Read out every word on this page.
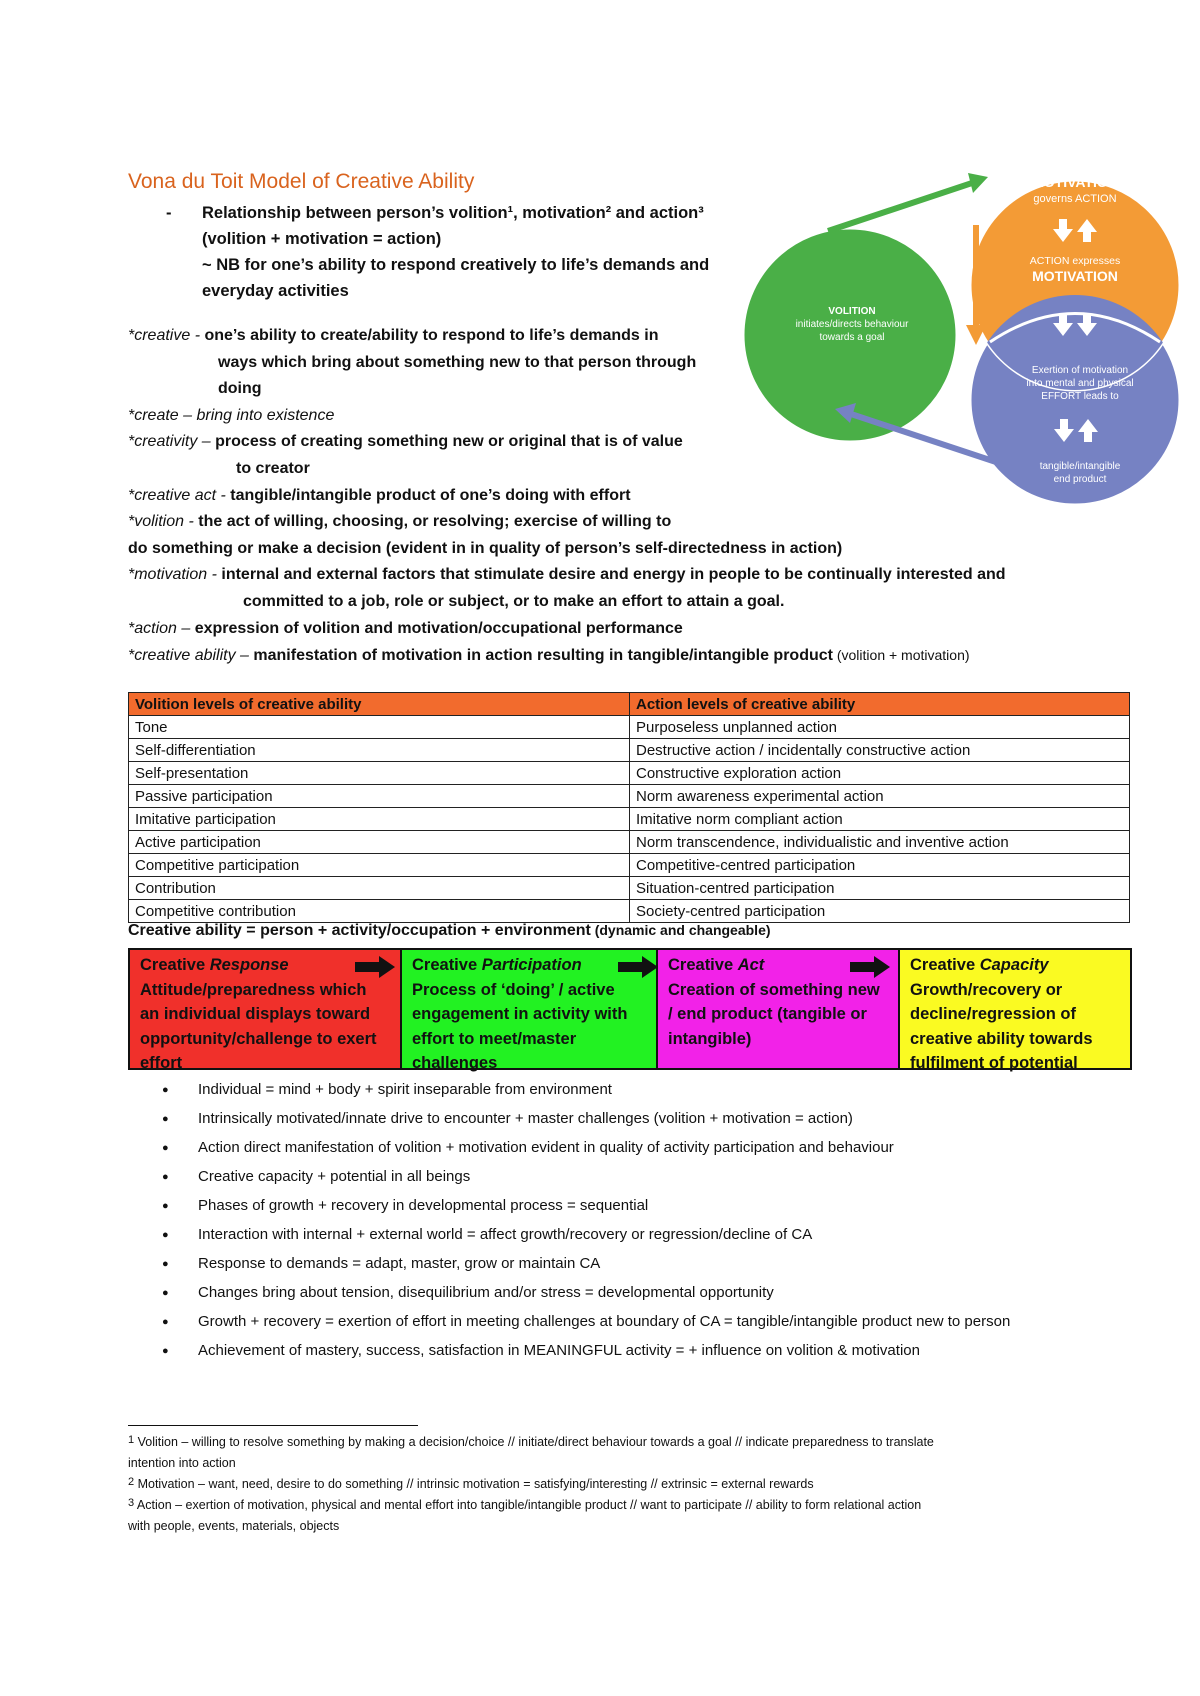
Vona du Toit Model of Creative Ability
- Relationship between person’s volition¹, motivation² and action³
(volition + motivation = action)
~ NB for one’s ability to respond creatively to life’s demands and
everyday activities
*creative - one’s ability to create/ability to respond to life’s demands in
ways which bring about something new to that person through
doing
*create – bring into existence
*creativity – process of creating something new or original that is of value
to creator
*creative act - tangible/intangible product of one’s doing with effort
*volition - the act of willing, choosing, or resolving; exercise of willing to
do something or make a decision (evident in in quality of person’s self-directedness in action)
*motivation - internal and external factors that stimulate desire and energy in people to be continually interested and
committed to a job, role or subject, or to make an effort to attain a goal.
*action – expression of volition and motivation/occupational performance
*creative ability – manifestation of motivation in action resulting in tangible/intangible product (volition + motivation)
MOTIVATION
governs ACTION
ACTION expresses
MOTIVATION
VOLITION
initiates/directs behaviour
towards a goal
Exertion of motivation
into mental and physical
EFFORT leads to
tangible/intangible
end product
Volition levels of creative ability	Action levels of creative ability
Tone	Purposeless unplanned action
Self-differentiation	Destructive action / incidentally constructive action
Self-presentation	Constructive exploration action
Passive participation	Norm awareness experimental action
Imitative participation	Imitative norm compliant action
Active participation	Norm transcendence, individualistic and inventive action
Competitive participation	Competitive-centred participation
Contribution	Situation-centred participation
Competitive contribution	Society-centred participation
Creative ability = person + activity/occupation + environment (dynamic and changeable)
Creative Response
Attitude/preparedness which an individual displays toward opportunity/challenge to exert effort
Creative Participation
Process of ‘doing’ / active engagement in activity with effort to meet/master challenges
Creative Act
Creation of something new / end product (tangible or intangible)
Creative Capacity
Growth/recovery or decline/regression of creative ability towards fulfilment of potential
● Individual = mind + body + spirit inseparable from environment
● Intrinsically motivated/innate drive to encounter + master challenges (volition + motivation = action)
● Action direct manifestation of volition + motivation evident in quality of activity participation and behaviour
● Creative capacity + potential in all beings
● Phases of growth + recovery in developmental process = sequential
● Interaction with internal + external world = affect growth/recovery or regression/decline of CA
● Response to demands = adapt, master, grow or maintain CA
● Changes bring about tension, disequilibrium and/or stress = developmental opportunity
● Growth + recovery = exertion of effort in meeting challenges at boundary of CA = tangible/intangible product new to person
● Achievement of mastery, success, satisfaction in MEANINGFUL activity = + influence on volition & motivation
$^1$ Volition – willing to resolve something by making a decision/choice // initiate/direct behaviour towards a goal // indicate preparedness to translate
intention into action
$^2$ Motivation – want, need, desire to do something // intrinsic motivation = satisfying/interesting // extrinsic = external rewards
$^3$ Action – exertion of motivation, physical and mental effort into tangible/intangible product // want to participate // ability to form relational action
with people, events, materials, objects
